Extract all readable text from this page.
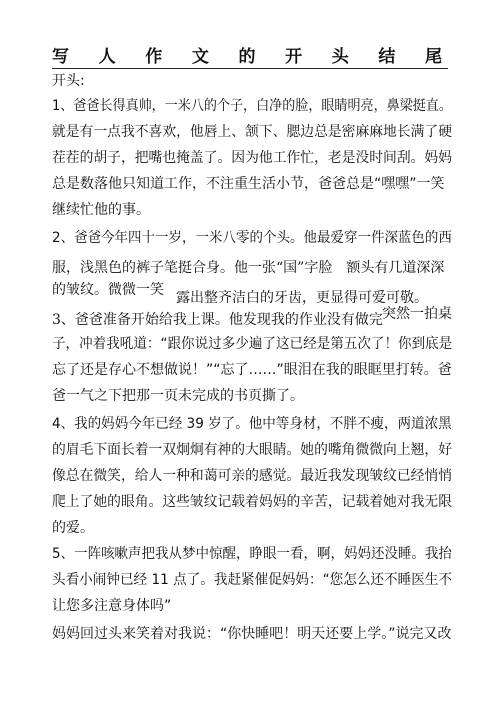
写 人 作 文 的 开 头 结 尾
开头:
1、爸爸长得真帅，一米八的个子，白净的脸，眼睛明亮，鼻梁挺直。
就是有一点我不喜欢，他唇上、颔下、腮边总是密麻麻地长满了硬
茬茬的胡子，把嘴也掩盖了。因为他工作忙，老是没时间刮。妈妈
总是数落他只知道工作，不注重生活小节，爸爸总是“嘿嘿”一笑
继续忙他的事。
2、爸爸今年四十一岁，一米八零的个头。他最爱穿一件深蓝色的西
服，浅黑色的裤子笔挺合身。他一张“国”字脸　额头有几道深深
的皱纹。微微一笑 露出整齐洁白的牙齿，更显得可爱可敬。
3、爸爸准备开始给我上课。他发现我的作业没有做完 突然一拍桌
子，冲着我吼道：“跟你说过多少遍了这已经是第五次了！你到底是
忘了还是存心不想做说！”“忘了……”眼泪在我的眼眶里打转。爸
爸一气之下把那一页未完成的书页撕了。
4、我的妈妈今年已经 39 岁了。他中等身材，不胖不瘦，两道浓黑
的眉毛下面长着一双炯炯有神的大眼睛。她的嘴角微微向上翘，好
像总在微笑，给人一种和蔼可亲的感觉。最近我发现皱纹已经悄悄
爬上了她的眼角。这些皱纹记载着妈妈的辛苦，记载着她对我无限
的爱。
5、一阵咳嗽声把我从梦中惊醒，睁眼一看，啊，妈妈还没睡。我抬
头看小闹钟已经 11 点了。我赶紧催促妈妈：“您怎么还不睡医生不
让您多注意身体吗”
妈妈回过头来笑着对我说：“你快睡吧！明天还要上学。”说完又改
